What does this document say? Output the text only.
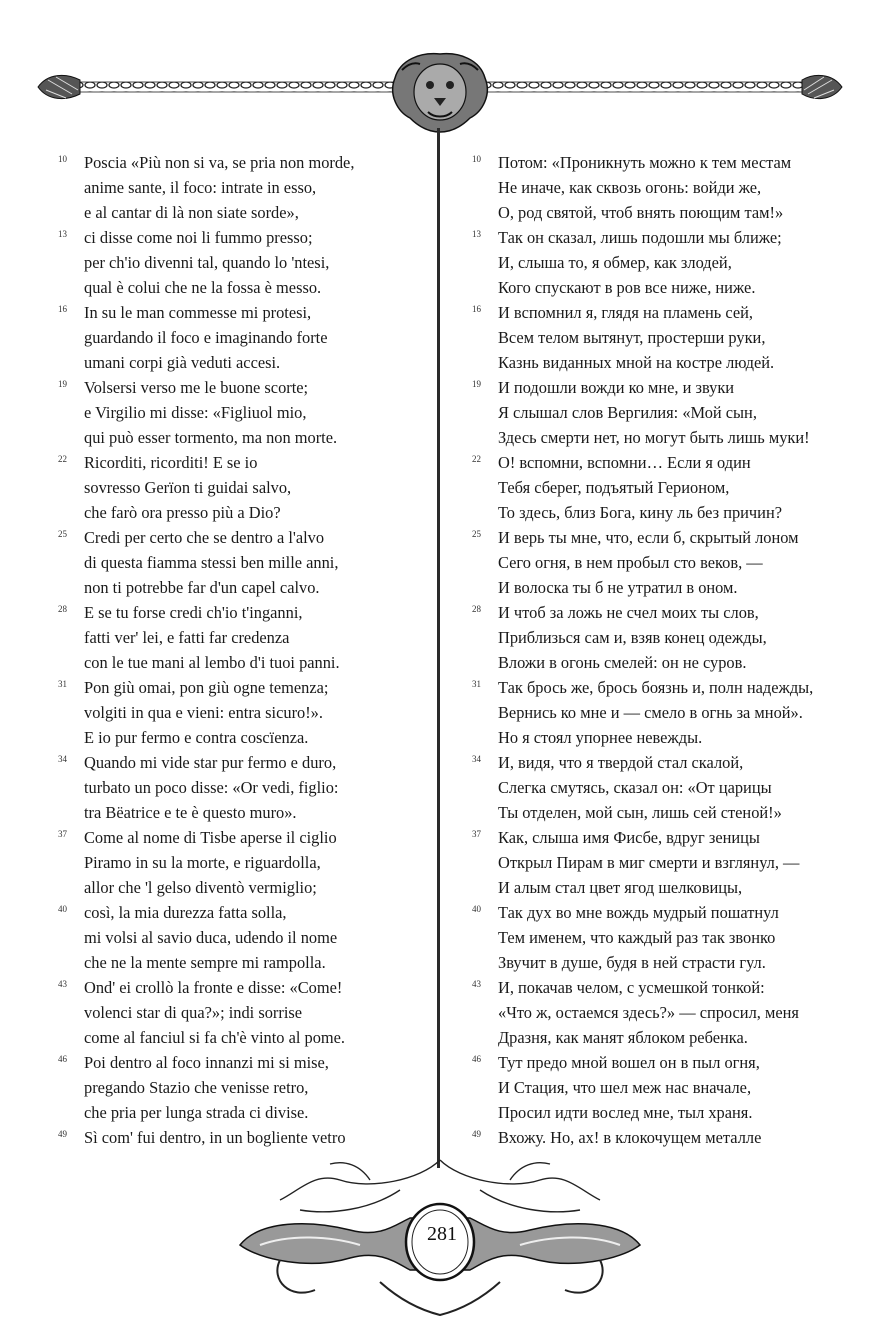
10	Poscia «Più non si va, se pria non morde,
anime sante, il foco: intrate in esso,
e al cantar di là non siate sorde»,
13	ci disse come noi li fummo presso;
per ch'io divenni tal, quando lo 'ntesi,
qual è colui che ne la fossa è messo.
16	In su le man commesse mi protesi,
guardando il foco e imaginando forte
umani corpi già veduti accesi.
19	Volsersi verso me le buone scorte;
e Virgilio mi disse: «Figliuol mio,
qui può esser tormento, ma non morte.
22	Ricorditi, ricorditi! E se io
sovresso Gerïon ti guidai salvo,
che farò ora presso più a Dio?
25	Credi per certo che se dentro a l'alvo
di questa fiamma stessi ben mille anni,
non ti potrebbe far d'un capel calvo.
28	E se tu forse credi ch'io t'inganni,
fatti ver' lei, e fatti far credenza
con le tue mani al lembo d'i tuoi panni.
31	Pon giù omai, pon giù ogne temenza;
volgiti in qua e vieni: entra sicuro!».
E io pur fermo e contra coscïenza.
34	Quando mi vide star pur fermo e duro,
turbato un poco disse: «Or vedi, figlio:
tra Bëatrice e te è questo muro».
37	Come al nome di Tisbe aperse il ciglio
Piramo in su la morte, e riguardolla,
allor che 'l gelso diventò vermiglio;
40	così, la mia durezza fatta solla,
mi volsi al savio duca, udendo il nome
che ne la mente sempre mi rampolla.
43	Ond' ei crollò la fronte e disse: «Come!
volenci star di qua?»; indi sorrise
come al fanciul si fa ch'è vinto al pome.
46	Poi dentro al foco innanzi mi si mise,
pregando Stazio che venisse retro,
che pria per lunga strada ci divise.
49	Sì com' fui dentro, in un bogliente vetro
10	Потом: «Проникнуть можно к тем местам
Не иначе, как сквозь огонь: войди же,
О, род святой, чтоб внять поющим там!»
13	Так он сказал, лишь подошли мы ближе;
И, слыша то, я обмер, как злодей,
Кого спускают в ров все ниже, ниже.
16	И вспомнил я, глядя на пламень сей,
Всем телом вытянут, простерши руки,
Казнь виданных мной на костре людей.
19	И подошли вожди ко мне, и звуки
Я слышал слов Вергилия: «Мой сын,
Здесь смерти нет, но могут быть лишь муки!
22	О! вспомни, вспомни… Если я один
Тебя сберег, подъятый Герионом,
То здесь, близ Бога, кину ль без причин?
25	И верь ты мне, что, если б, скрытый лоном
Сего огня, в нем пробыл сто веков, —
И волоска ты б не утратил в оном.
28	И чтоб за ложь не счел моих ты слов,
Приблизься сам и, взяв конец одежды,
Вложи в огонь смелей: он не суров.
31	Так брось же, брось боязнь и, полн надежды,
Вернись ко мне и — смело в огнь за мной».
Но я стоял упорнее невежды.
34	И, видя, что я твердой стал скалой,
Слегка смутясь, сказал он: «От царицы
Ты отделен, мой сын, лишь сей стеной!»
37	Как, слыша имя Фисбе, вдруг зеницы
Открыл Пирам в миг смерти и взглянул, —
И алым стал цвет ягод шелковицы,
40	Так дух во мне вождь мудрый пошатнул
Тем именем, что каждый раз так звонко
Звучит в душе, будя в ней страсти гул.
43	И, покачав челом, с усмешкой тонкой:
«Что ж, остаемся здесь?» — спросил, меня
Дразня, как манят яблоком ребенка.
46	Тут предо мной вошел он в пыл огня,
И Стация, что шел меж нас вначале,
Просил идти вослед мне, тыл храня.
49	Вхожу. Но, ах! в клокочущем металле
281
